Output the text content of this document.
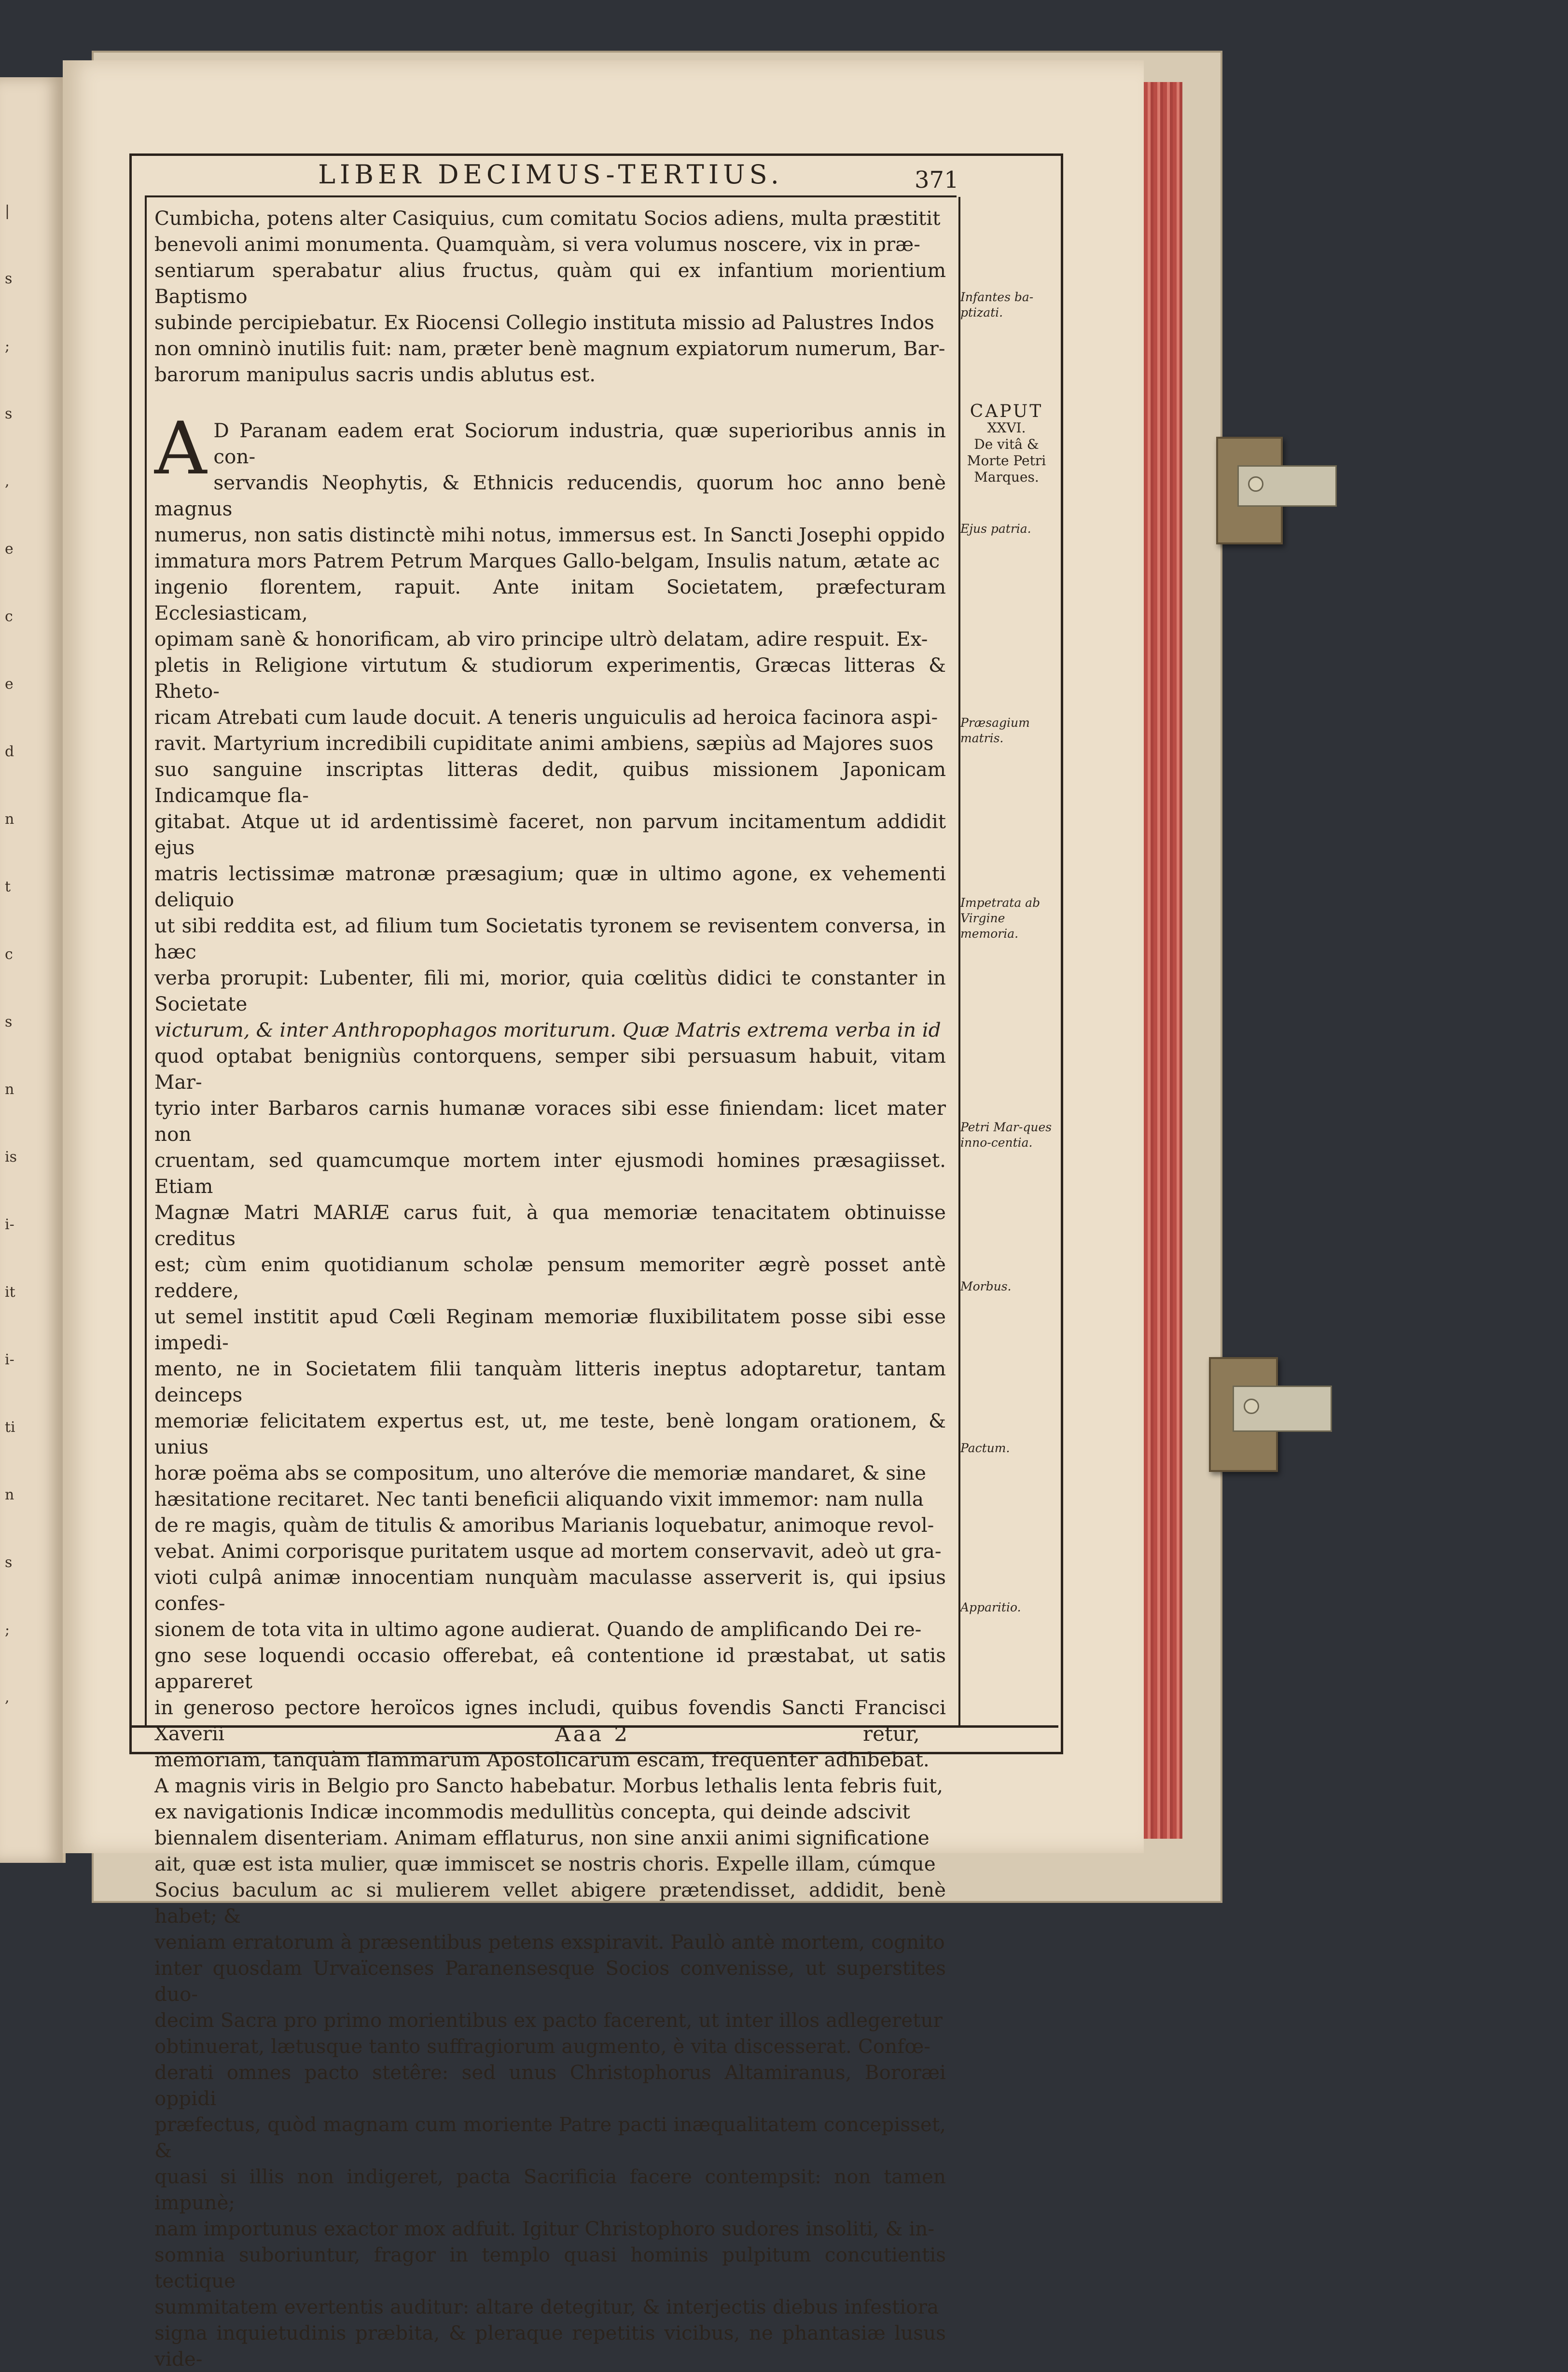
LIBER DECIMUS-TERTIUS.	371

Cumbicha, potens alter Casiquius, cum comitatu Socios adiens, multa præstitit

benevoli animi monumenta. Quamquàm, si vera volumus noscere, vix in præ-

sentiarum sperabatur alius fructus, quàm qui ex infantium morientium Baptismo

subinde percipiebatur. Ex Riocensi Collegio instituta missio ad Palustres Indos

non omninò inutilis fuit: nam, præter benè magnum expiatorum numerum, Bar-

barorum manipulus sacris undis ablutus est.

A D Paranam eadem erat Sociorum industria, quæ superioribus annis in con-

servandis Neophytis, & Ethnicis reducendis, quorum hoc anno benè magnus

numerus, non satis distinctè mihi notus, immersus est. In Sancti Josephi oppido

immatura mors Patrem Petrum Marques Gallo-belgam, Insulis natum, ætate ac

ingenio florentem, rapuit. Ante initam Societatem, præfecturam Ecclesiasticam,

opimam sanè & honorificam, ab viro principe ultrò delatam, adire respuit. Ex-

pletis in Religione virtutum & studiorum experimentis, Græcas litteras & Rheto-

ricam Atrebati cum laude docuit. A teneris unguiculis ad heroica facinora aspi-

ravit. Martyrium incredibili cupiditate animi ambiens, sæpiùs ad Majores suos

suo sanguine inscriptas litteras dedit, quibus missionem Japonicam Indicamque fla-

gitabat. Atque ut id ardentissimè faceret, non parvum incitamentum addidit ejus

matris lectissimæ matronæ præsagium; quæ in ultimo agone, ex vehementi deliquio

ut sibi reddita est, ad filium tum Societatis tyronem se revisentem conversa, in hæc

verba prorupit: Lubenter, fili mi, morior, quia cœlitùs didici te constanter in Societate

victurum, & inter Anthropophagos moriturum. Quæ Matris extrema verba in id

quod optabat benigniùs contorquens, semper sibi persuasum habuit, vitam Mar-

tyrio inter Barbaros carnis humanæ voraces sibi esse finiendam: licet mater non

cruentam, sed quamcumque mortem inter ejusmodi homines præsagiisset. Etiam

Magnæ Matri MARIÆ carus fuit, à qua memoriæ tenacitatem obtinuisse creditus

est; cùm enim quotidianum scholæ pensum memoriter ægrè posset antè reddere,

ut semel institit apud Cœli Reginam memoriæ fluxibilitatem posse sibi esse impedi-

mento, ne in Societatem filii tanquàm litteris ineptus adoptaretur, tantam deinceps

memoriæ felicitatem expertus est, ut, me teste, benè longam orationem, & unius

horæ poëma abs se compositum, uno alteróve die memoriæ mandaret, & sine

hæsitatione recitaret. Nec tanti beneficii aliquando vixit immemor: nam nulla

de re magis, quàm de titulis & amoribus Marianis loquebatur, animoque revol-

vebat. Animi corporisque puritatem usque ad mortem conservavit, adeò ut gra-

vioti culpâ animæ innocentiam nunquàm maculasse asserverit is, qui ipsius confes-

sionem de tota vita in ultimo agone audierat. Quando de amplificando Dei re-

gno sese loquendi occasio offerebat, eâ contentione id præstabat, ut satis appareret

in generoso pectore heroïcos ignes includi, quibus fovendis Sancti Francisci Xaverii

memoriam, tanquàm flammarum Apostolicarum escam, frequenter adhibebat.

A magnis viris in Belgio pro Sancto habebatur. Morbus lethalis lenta febris fuit,

ex navigationis Indicæ incommodis medullitùs concepta, qui deinde adscivit

biennalem disenteriam. Animam efflaturus, non sine anxii animi significatione

ait, quæ est ista mulier, quæ immiscet se nostris choris. Expelle illam, cúmque

Socius baculum ac si mulierem vellet abigere prætendisset, addidit, benè habet; &

veniam erratorum à præsentibus petens exspiravit. Paulò antè mortem, cognito

inter quosdam Urvaïcenses Paranensesque Socios convenisse, ut superstites duo-

decim Sacra pro primo morientibus ex pacto facerent, ut inter illos adlegeretur

obtinuerat, lætusque tanto suffragiorum augmento, è vita discesserat. Confœ-

derati omnes pacto stetêre: sed unus Christophorus Altamiranus, Bororæi oppidi

præfectus, quòd magnam cum moriente Patre pacti inæqualitatem concepisset, &

quasi si illis non indigeret, pacta Sacrificia facere contempsit: non tamen impunè;

nam importunus exactor mox adfuit. Igitur Christophoro sudores insoliti, & in-

somnia suboriuntur, fragor in templo quasi hominis pulpitum concutientis tectique

summitatem evertentis auditur: altare detegitur, & interjectis diebus infestiora

signa inquietudinis præbita, & pleraque repetitis vicibus, ne phantasiæ lusus vide-

Infantes ba-ptizati.
CAPUT
XXVI.
De vitâ & Morte Petri Marques.
Ejus patria.
Præsagium matris.
Impetrata ab Virgine memoria.
Petri Mar-ques inno-centia.
Morbus.
Pactum.
Apparitio.
Aaa 2	retur,
|
s
;
s
,
e
c
e
d
n
t
c
s
n
is
i-
it
i-
ti
n
s
;
,
